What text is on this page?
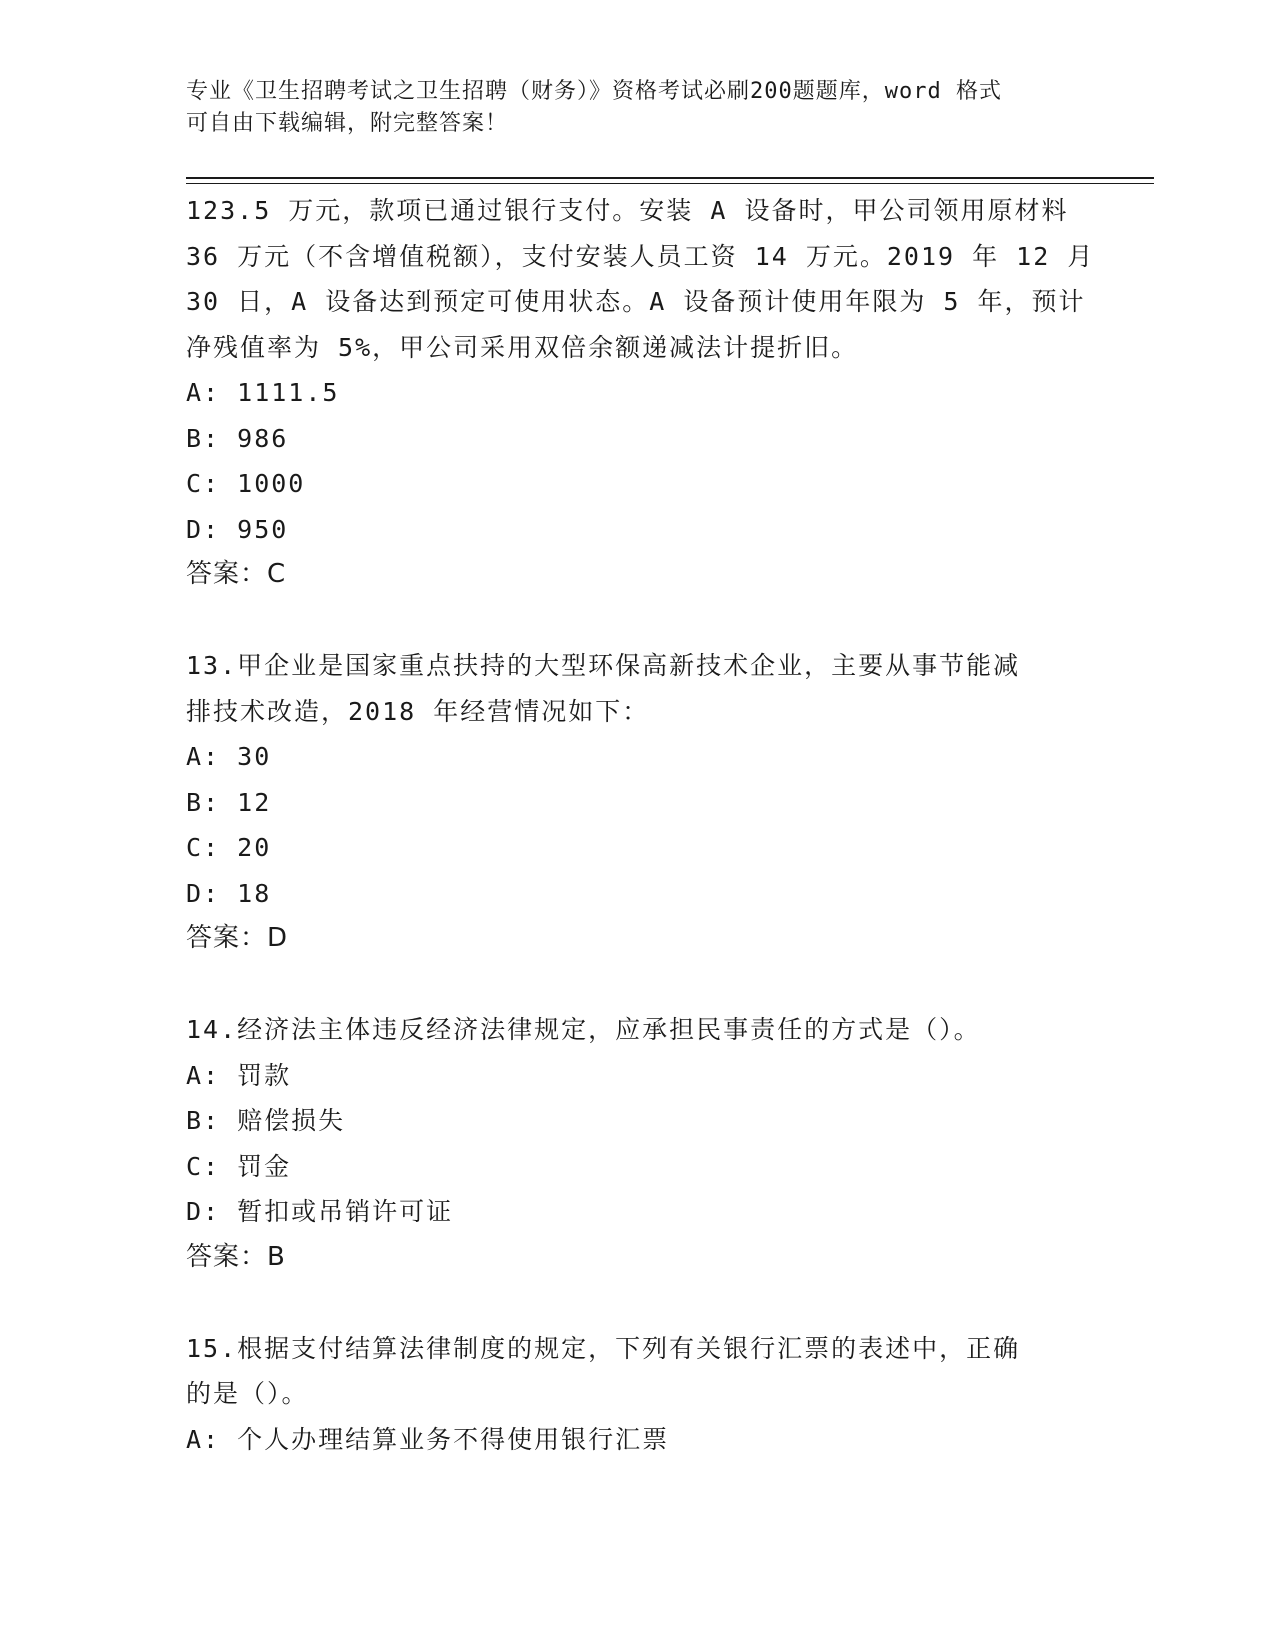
专业《卫生招聘考试之卫生招聘（财务）》资格考试必刷200题题库，word 格式
可自由下载编辑，附完整答案！
123.5 万元，款项已通过银行支付。安装 A 设备时，甲公司领用原材料
36 万元（不含增值税额），支付安装人员工资 14 万元。2019 年 12 月
30 日，A 设备达到预定可使用状态。A 设备预计使用年限为 5 年，预计
净残值率为 5%，甲公司采用双倍余额递减法计提折旧。
A: 1111.5
B: 986
C: 1000
D: 950
答案：C
13.甲企业是国家重点扶持的大型环保高新技术企业，主要从事节能减
排技术改造，2018 年经营情况如下：
A: 30
B: 12
C: 20
D: 18
答案：D
14.经济法主体违反经济法律规定，应承担民事责任的方式是（）。
A: 罚款
B: 赔偿损失
C: 罚金
D: 暂扣或吊销许可证
答案：B
15.根据支付结算法律制度的规定，下列有关银行汇票的表述中，正确
的是（）。
A: 个人办理结算业务不得使用银行汇票
